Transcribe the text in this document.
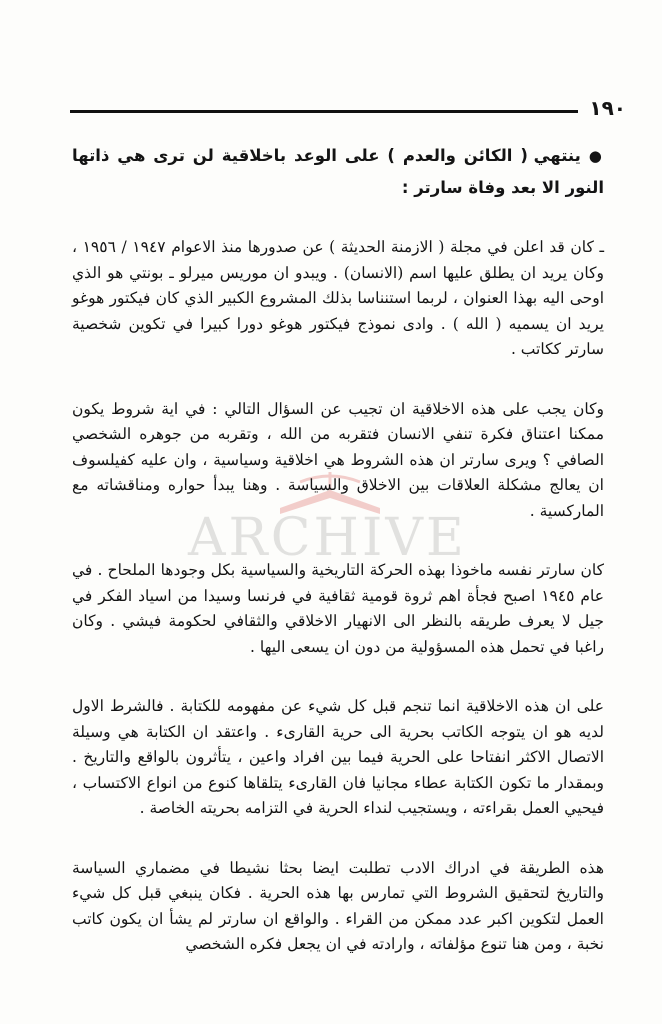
١٩٠
ARCHIVE

● ينتهي ( الكائن والعدم ) على الوعد باخلاقية لن ترى هي ذاتها النور الا بعد وفاة سارتر :

ـ كان قد اعلن في مجلة ( الازمنة الحديثة ) عن صدورها منذ الاعوام ١٩٤٧ / ١٩٥٦ ، وكان يريد ان يطلق عليها اسم (الانسان) . ويبدو ان موريس ميرلو ـ بونتي هو الذي اوحى اليه بهذا العنوان ، لربما استنناسا بذلك المشروع الكبير الذي كان فيكتور هوغو يريد ان يسميه ( الله ) . وادى نموذج فيكتور هوغو دورا كبيرا في تكوين شخصية سارتر ككاتب .

وكان يجب على هذه الاخلاقية ان تجيب عن السؤال التالي : في اية شروط يكون ممكنا اعتناق فكرة تنفي الانسان فتقربه من الله ، وتقربه من جوهره الشخصي الصافي ؟ ويرى سارتر ان هذه الشروط هي اخلاقية وسياسية ، وان عليه كفيلسوف ان يعالج مشكلة العلاقات بين الاخلاق والسياسة . وهنا يبدأ حواره ومناقشاته مع الماركسية .

كان سارتر نفسه ماخوذا بهذه الحركة التاريخية والسياسية بكل وجودها الملحاح . في عام ١٩٤٥ اصبح فجأة اهم ثروة قومية ثقافية في فرنسا وسيدا من اسياد الفكر في جيل لا يعرف طريقه بالنظر الى الانهيار الاخلاقي والثقافي لحكومة فيشي . وكان راغبا في تحمل هذه المسؤولية من دون ان يسعى اليها .

على ان هذه الاخلاقية انما تنجم قبل كل شيء عن مفهومه للكتابة . فالشرط الاول لديه هو ان يتوجه الكاتب بحرية الى حرية القارىء . واعتقد ان الكتابة هي وسيلة الاتصال الاكثر انفتاحا على الحرية فيما بين افراد واعين ، يتأثرون بالواقع والتاريخ . وبمقدار ما تكون الكتابة عطاء مجانيا فان القارىء يتلقاها كنوع من انواع الاكتساب ، فيحيي العمل بقراءته ، ويستجيب لنداء الحرية في التزامه بحريته الخاصة .

هذه الطريقة في ادراك الادب تطلبت ايضا بحثا نشيطا في مضماري السياسة والتاريخ لتحقيق الشروط التي تمارس بها هذه الحرية . فكان ينبغي قبل كل شيء العمل لتكوين اكبر عدد ممكن من القراء . والواقع ان سارتر لم يشأ ان يكون كاتب نخبة ، ومن هنا تنوع مؤلفاته ، وارادته في ان يجعل فكره الشخصي
